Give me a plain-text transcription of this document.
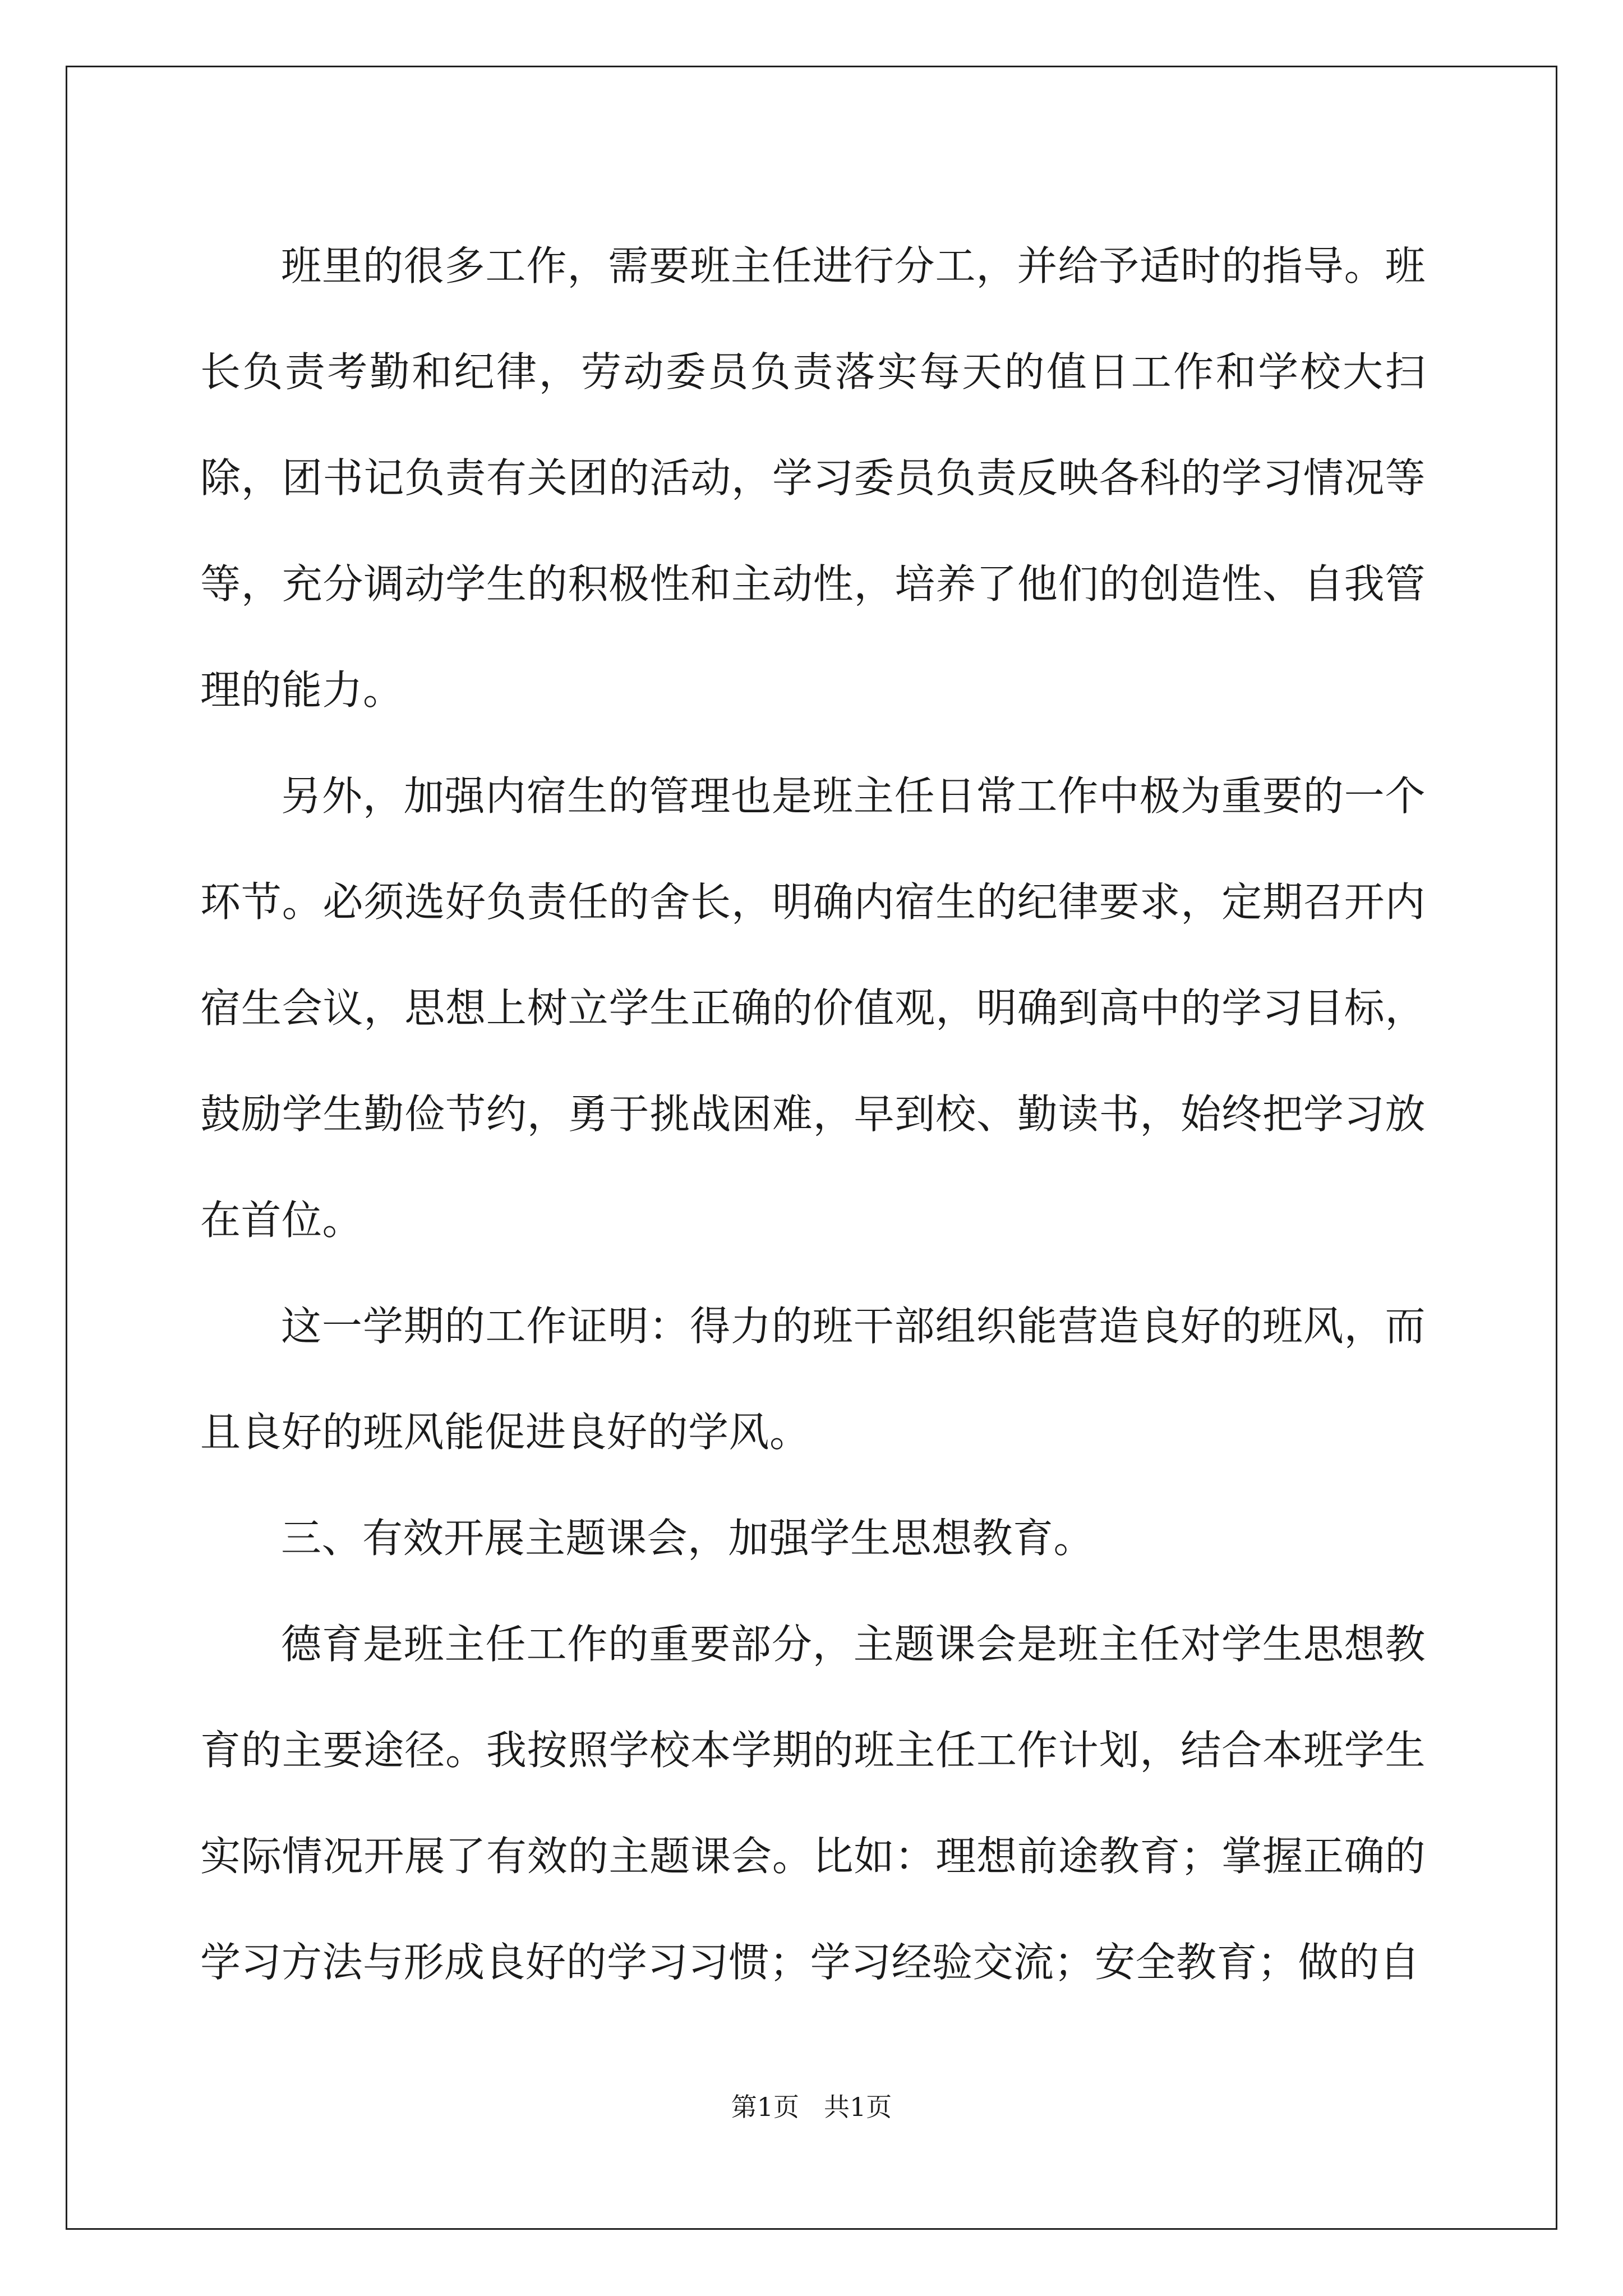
班里的很多工作，需要班主任进行分工，并给予适时的指导。班长负责考勤和纪律，劳动委员负责落实每天的值日工作和学校大扫除，团书记负责有关团的活动，学习委员负责反映各科的学习情况等等，充分调动学生的积极性和主动性，培养了他们的创造性、自我管理的能力。

另外，加强内宿生的管理也是班主任日常工作中极为重要的一个环节。必须选好负责任的舍长，明确内宿生的纪律要求，定期召开内宿生会议，思想上树立学生正确的价值观，明确到高中的学习目标，鼓励学生勤俭节约，勇于挑战困难，早到校、勤读书，始终把学习放在首位。

这一学期的工作证明：得力的班干部组织能营造良好的班风，而且良好的班风能促进良好的学风。

三、有效开展主题课会，加强学生思想教育。

德育是班主任工作的重要部分，主题课会是班主任对学生思想教育的主要途径。我按照学校本学期的班主任工作计划，结合本班学生实际情况开展了有效的主题课会。比如：理想前途教育；掌握正确的学习方法与形成良好的学习习惯；学习经验交流；安全教育；做的自

第1页 共1页
